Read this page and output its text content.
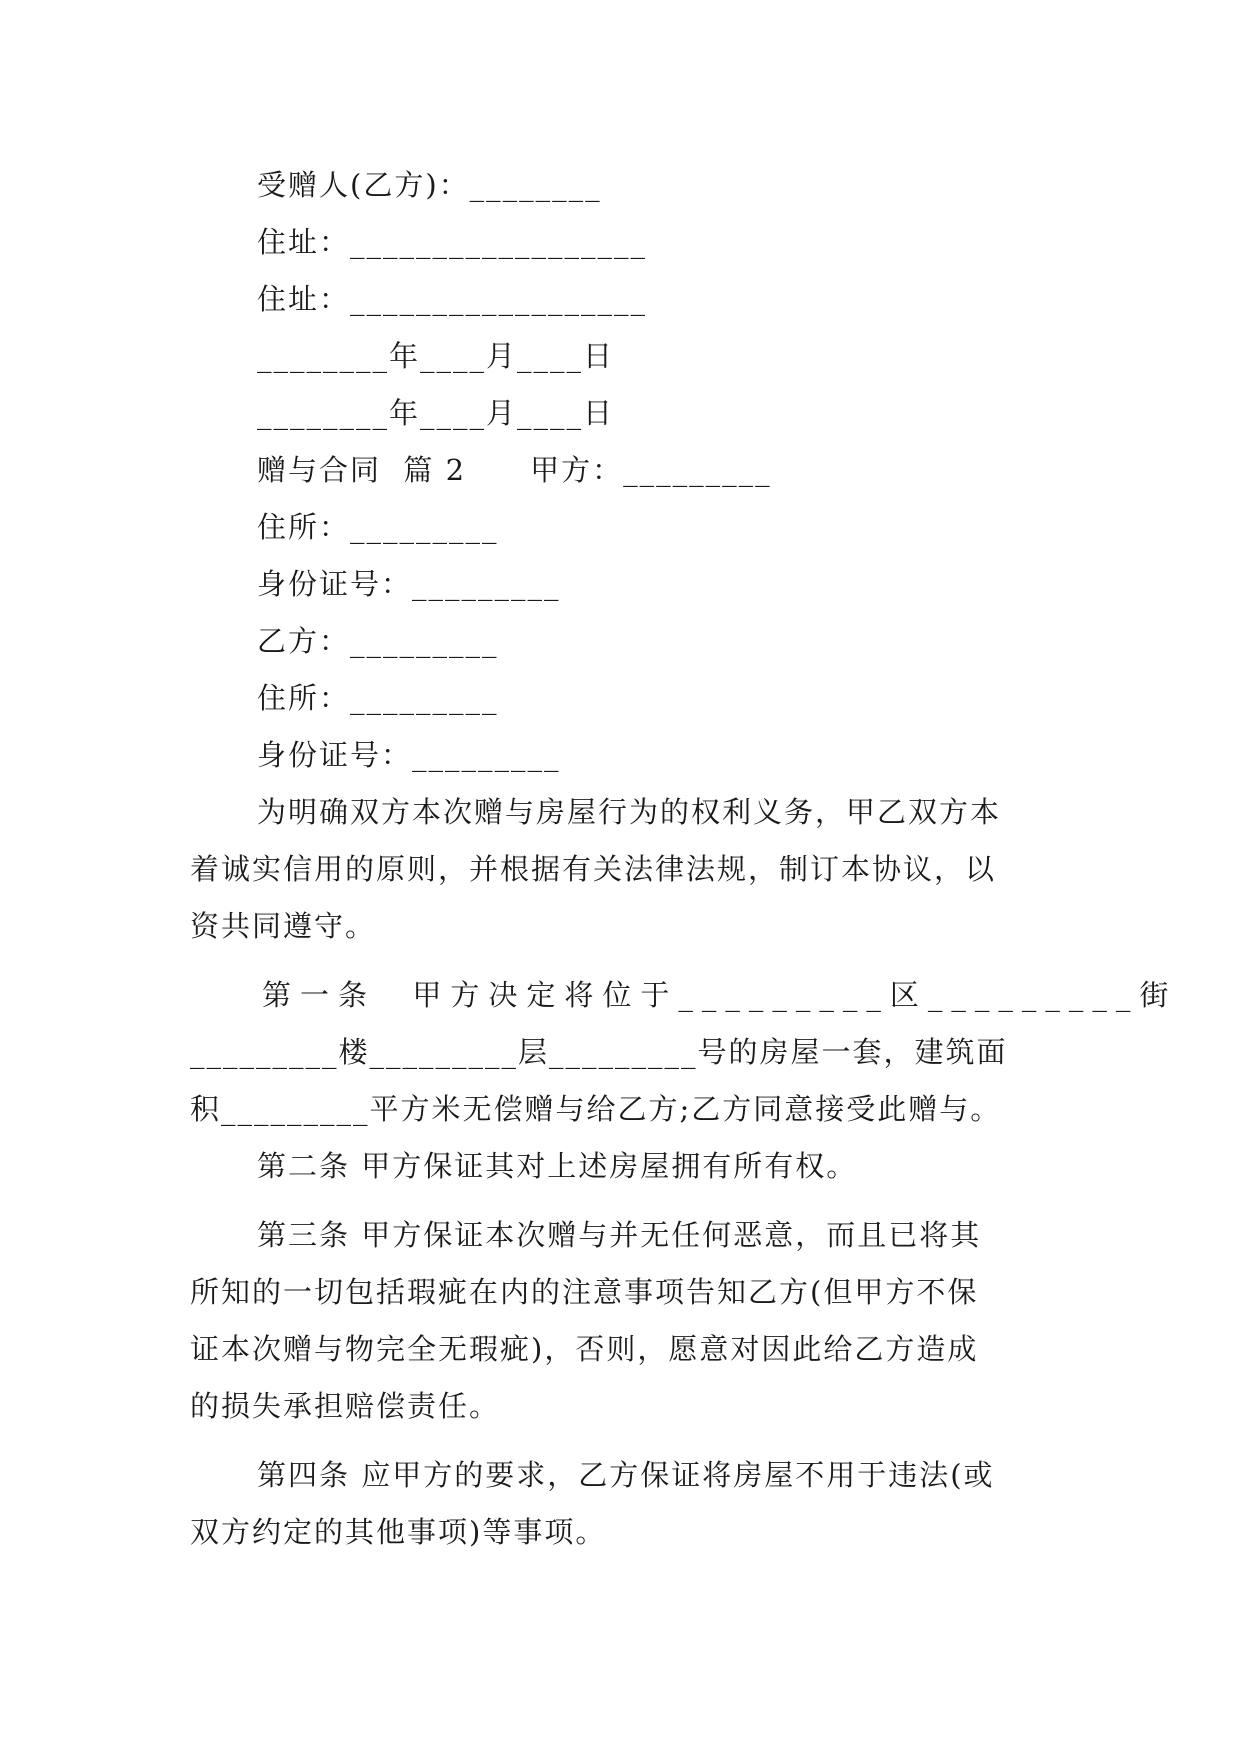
受赠人(乙方)：________
住址：__________________
住址：__________________
________年____月____日
________年____月____日
赠与合同  篇 2 甲方：_________
住所：_________
身份证号：_________
乙方：_________
住所：_________
身份证号：_________
为明确双方本次赠与房屋行为的权利义务，甲乙双方本
着诚实信用的原则，并根据有关法律法规，制订本协议，以
资共同遵守。
第一条  甲方决定将位于_________区_________街
_________楼_________层_________号的房屋一套，建筑面
积_________平方米无偿赠与给乙方;乙方同意接受此赠与。
第二条 甲方保证其对上述房屋拥有所有权。
第三条 甲方保证本次赠与并无任何恶意，而且已将其
所知的一切包括瑕疵在内的注意事项告知乙方(但甲方不保
证本次赠与物完全无瑕疵)，否则，愿意对因此给乙方造成
的损失承担赔偿责任。
第四条 应甲方的要求，乙方保证将房屋不用于违法(或
双方约定的其他事项)等事项。
